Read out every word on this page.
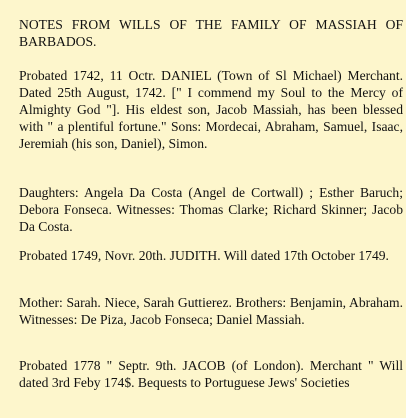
NOTES FROM WILLS OF THE FAMILY OF MASSIAH OF BARBADOS.

Probated 1742, 11 Octr. DANIEL (Town of Sl Michael) Merchant. Dated 25th August, 1742. [" I commend my Soul to the Mercy of Almighty God "]. His eldest son, Jacob Massiah, has been blessed with " a plentiful fortune." Sons: Mordecai, Abraham, Samuel, Isaac, Jeremiah (his son, Daniel), Simon.

Daughters: Angela Da Costa (Angel de Cortwall) ; Esther Baruch; Debora Fonseca. Witnesses: Thomas Clarke; Richard Skinner; Jacob Da Costa.

Probated 1749, Novr. 20th. JUDITH. Will dated 17th October 1749.

Mother: Sarah. Niece, Sarah Guttierez. Brothers: Benjamin, Abraham. Witnesses: De Piza, Jacob Fonseca; Daniel Massiah.

Probated 1778 " Septr. 9th. JACOB (of London). Merchant " Will dated 3rd Feby 174$. Bequests to Portuguese Jews' Societies
